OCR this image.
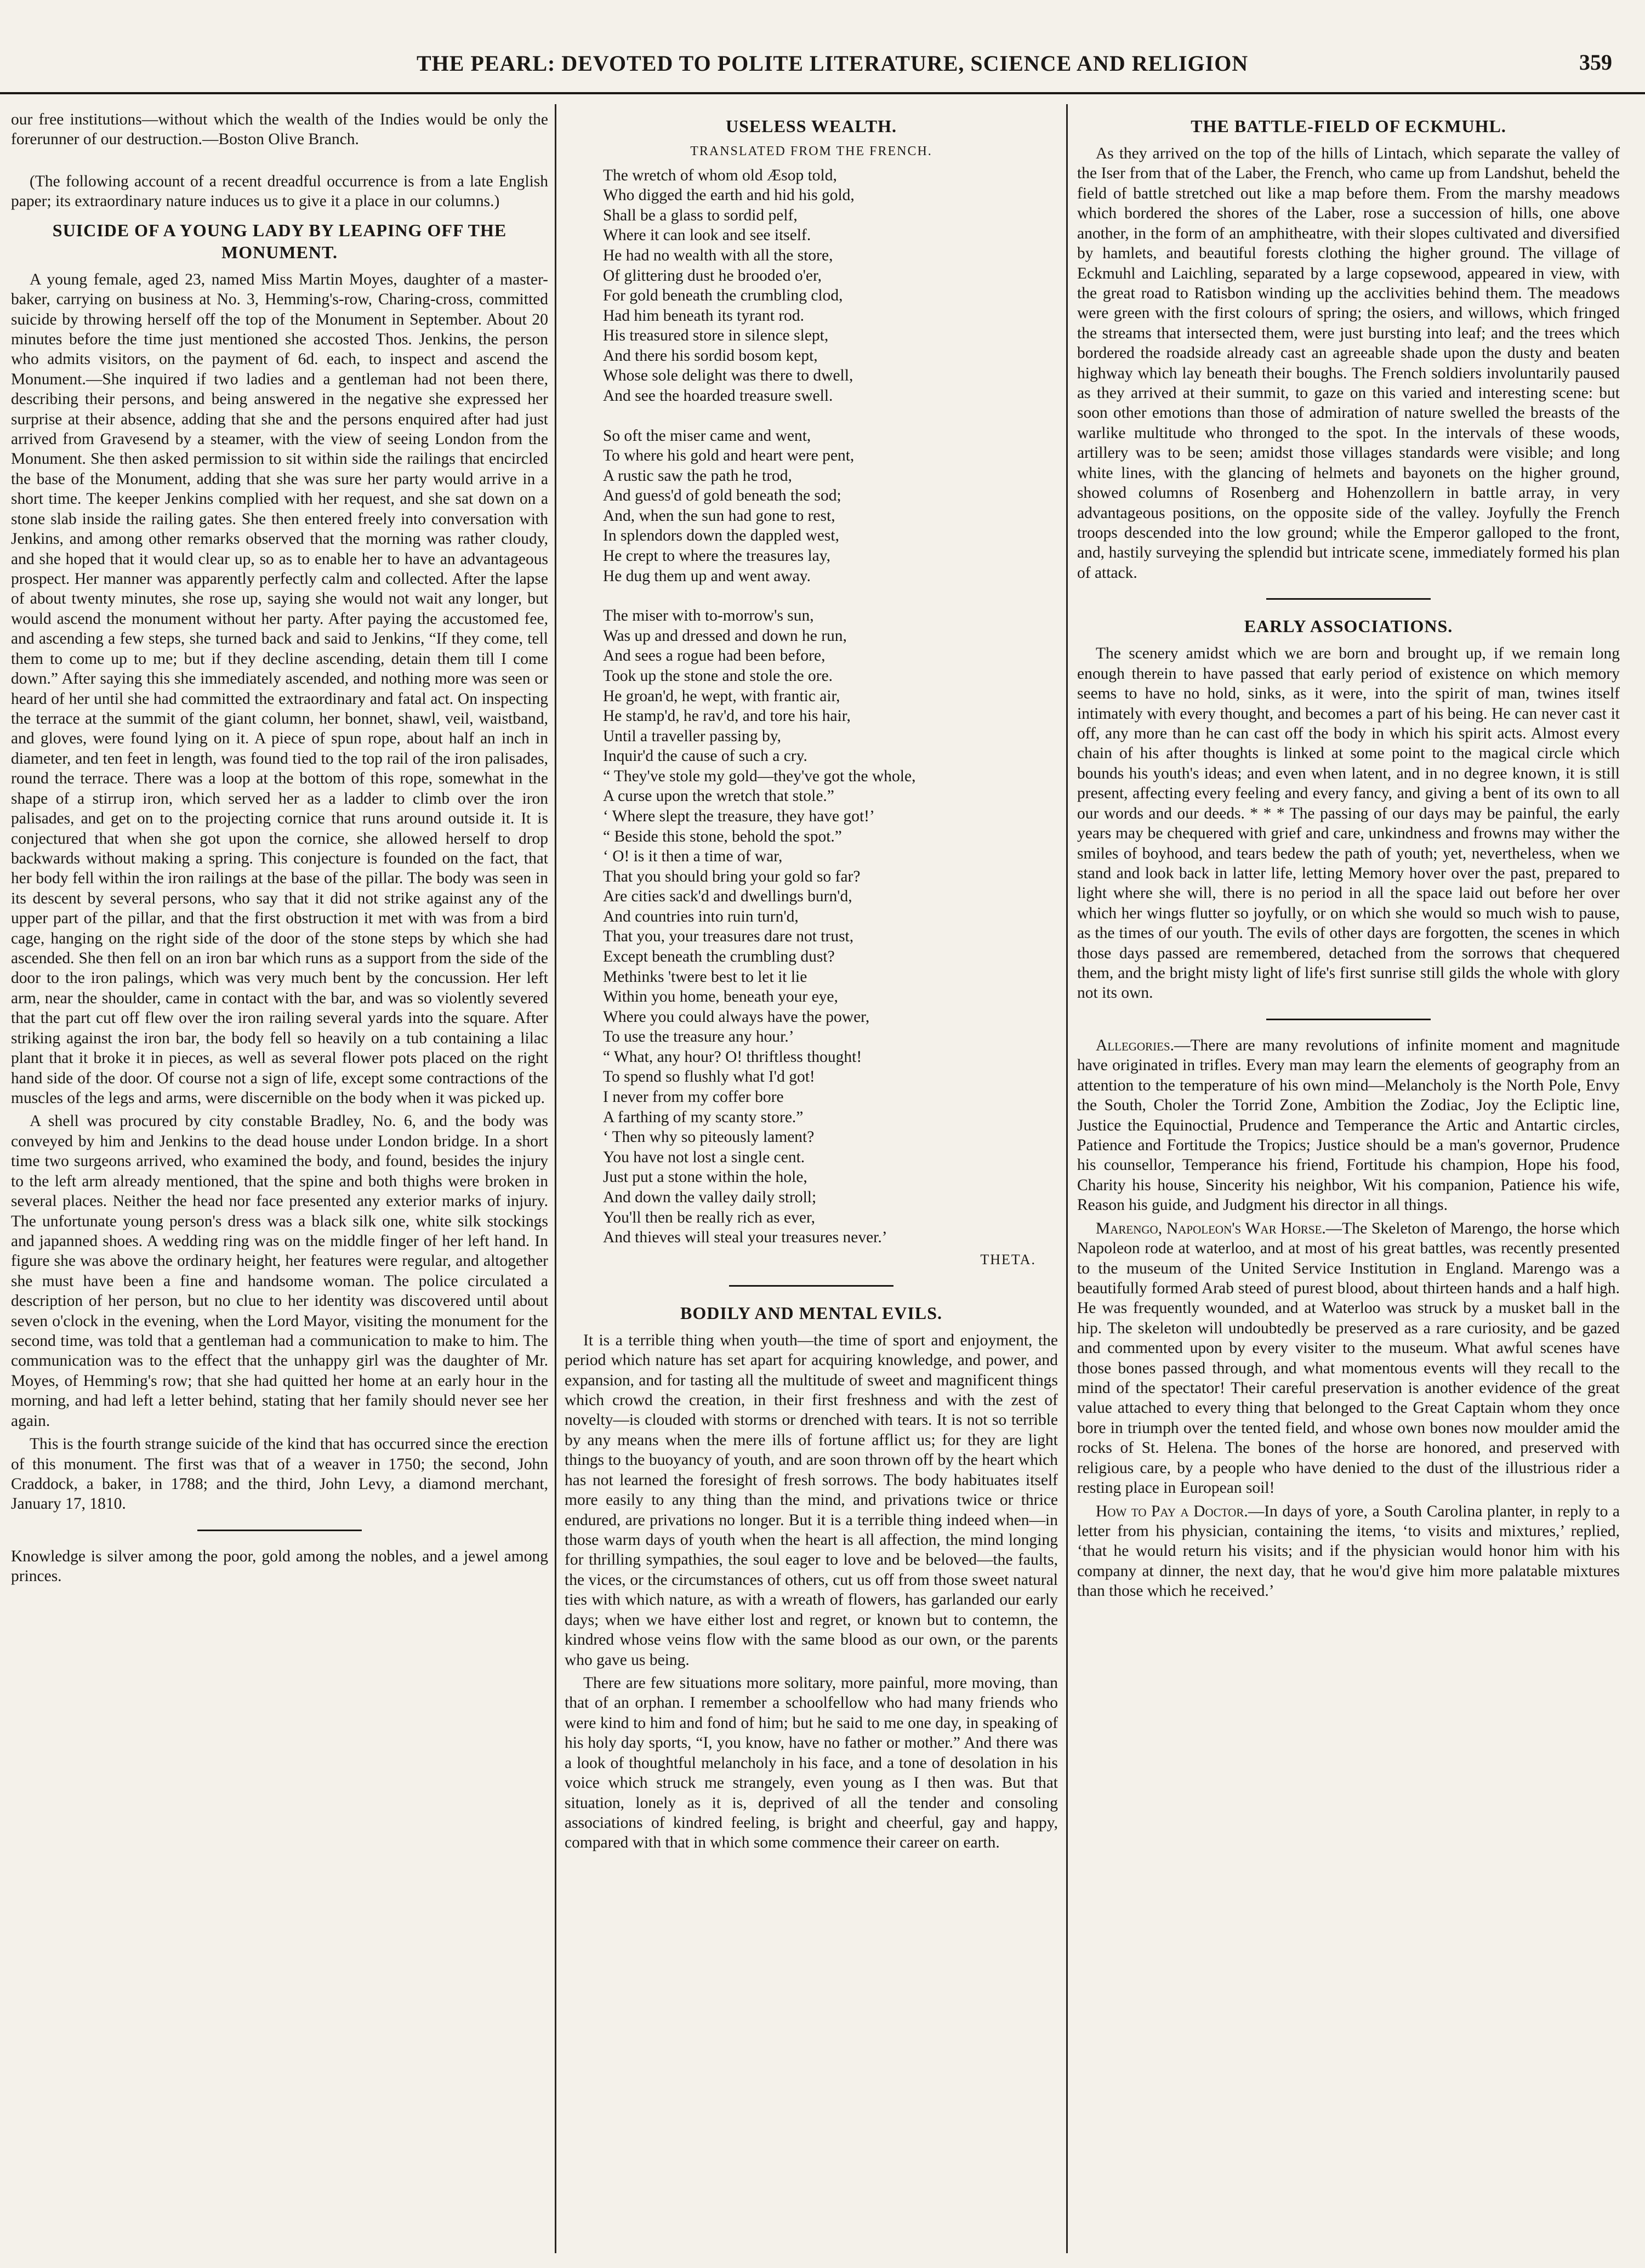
THE PEARL: DEVOTED TO POLITE LITERATURE, SCIENCE AND RELIGION	359

our free institutions—without which the wealth of the Indies would be only the forerunner of our destruction.—Boston Olive Branch.

(The following account of a recent dreadful occurrence is from a late English paper; its extraordinary nature induces us to give it a place in our columns.)

SUICIDE OF A YOUNG LADY BY LEAPING OFF THE MONUMENT.

A young female, aged 23, named Miss Martin Moyes, daughter of a master-baker, carrying on business at No. 3, Hemming's-row, Charing-cross, committed suicide by throwing herself off the top of the Monument in September. About 20 minutes before the time just mentioned she accosted Thos. Jenkins, the person who admits visitors, on the payment of 6d. each, to inspect and ascend the Monument.—She inquired if two ladies and a gentleman had not been there, describing their persons, and being answered in the negative she expressed her surprise at their absence, adding that she and the persons enquired after had just arrived from Gravesend by a steamer, with the view of seeing London from the Monument. She then asked permission to sit within side the railings that encircled the base of the Monument, adding that she was sure her party would arrive in a short time. The keeper Jenkins complied with her request, and she sat down on a stone slab inside the railing gates. She then entered freely into conversation with Jenkins, and among other remarks observed that the morning was rather cloudy, and she hoped that it would clear up, so as to enable her to have an advantageous prospect. Her manner was apparently perfectly calm and collected. After the lapse of about twenty minutes, she rose up, saying she would not wait any longer, but would ascend the monument without her party. After paying the accustomed fee, and ascending a few steps, she turned back and said to Jenkins, “If they come, tell them to come up to me; but if they decline ascending, detain them till I come down.” After saying this she immediately ascended, and nothing more was seen or heard of her until she had committed the extraordinary and fatal act. On inspecting the terrace at the summit of the giant column, her bonnet, shawl, veil, waistband, and gloves, were found lying on it. A piece of spun rope, about half an inch in diameter, and ten feet in length, was found tied to the top rail of the iron palisades, round the terrace. There was a loop at the bottom of this rope, somewhat in the shape of a stirrup iron, which served her as a ladder to climb over the iron palisades, and get on to the projecting cornice that runs around outside it. It is conjectured that when she got upon the cornice, she allowed herself to drop backwards without making a spring. This conjecture is founded on the fact, that her body fell within the iron railings at the base of the pillar. The body was seen in its descent by several persons, who say that it did not strike against any of the upper part of the pillar, and that the first obstruction it met with was from a bird cage, hanging on the right side of the door of the stone steps by which she had ascended. She then fell on an iron bar which runs as a support from the side of the door to the iron palings, which was very much bent by the concussion. Her left arm, near the shoulder, came in contact with the bar, and was so violently severed that the part cut off flew over the iron railing several yards into the square. After striking against the iron bar, the body fell so heavily on a tub containing a lilac plant that it broke it in pieces, as well as several flower pots placed on the right hand side of the door. Of course not a sign of life, except some contractions of the muscles of the legs and arms, were discernible on the body when it was picked up.

A shell was procured by city constable Bradley, No. 6, and the body was conveyed by him and Jenkins to the dead house under London bridge. In a short time two surgeons arrived, who examined the body, and found, besides the injury to the left arm already mentioned, that the spine and both thighs were broken in several places. Neither the head nor face presented any exterior marks of injury. The unfortunate young person's dress was a black silk one, white silk stockings and japanned shoes. A wedding ring was on the middle finger of her left hand. In figure she was above the ordinary height, her features were regular, and altogether she must have been a fine and handsome woman. The police circulated a description of her person, but no clue to her identity was discovered until about seven o'clock in the evening, when the Lord Mayor, visiting the monument for the second time, was told that a gentleman had a communication to make to him. The communication was to the effect that the unhappy girl was the daughter of Mr. Moyes, of Hemming's row; that she had quitted her home at an early hour in the morning, and had left a letter behind, stating that her family should never see her again.

This is the fourth strange suicide of the kind that has occurred since the erection of this monument. The first was that of a weaver in 1750; the second, John Craddock, a baker, in 1788; and the third, John Levy, a diamond merchant, January 17, 1810.

Knowledge is silver among the poor, gold among the nobles, and a jewel among princes.

USELESS WEALTH.
TRANSLATED FROM THE FRENCH.
The wretch of whom old Æsop told,
Who digged the earth and hid his gold,
Shall be a glass to sordid pelf,
Where it can look and see itself.
He had no wealth with all the store,
Of glittering dust he brooded o'er,
For gold beneath the crumbling clod,
Had him beneath its tyrant rod.
His treasured store in silence slept,
And there his sordid bosom kept,
Whose sole delight was there to dwell,
And see the hoarded treasure swell.
So oft the miser came and went,
To where his gold and heart were pent,
A rustic saw the path he trod,
And guess'd of gold beneath the sod;
And, when the sun had gone to rest,
In splendors down the dappled west,
He crept to where the treasures lay,
He dug them up and went away.
The miser with to-morrow's sun,
Was up and dressed and down he run,
And sees a rogue had been before,
Took up the stone and stole the ore.
He groan'd, he wept, with frantic air,
He stamp'd, he rav'd, and tore his hair,
Until a traveller passing by,
Inquir'd the cause of such a cry.
“ They've stole my gold—they've got the whole,
A curse upon the wretch that stole.”
‘ Where slept the treasure, they have got!’
“ Beside this stone, behold the spot.”
‘ O! is it then a time of war,
That you should bring your gold so far?
Are cities sack'd and dwellings burn'd,
And countries into ruin turn'd,
That you, your treasures dare not trust,
Except beneath the crumbling dust?
Methinks 'twere best to let it lie
Within you home, beneath your eye,
Where you could always have the power,
To use the treasure any hour.’
“ What, any hour? O! thriftless thought!
To spend so flushly what I'd got!
I never from my coffer bore
A farthing of my scanty store.”
‘ Then why so piteously lament?
You have not lost a single cent.
Just put a stone within the hole,
And down the valley daily stroll;
You'll then be really rich as ever,
And thieves will steal your treasures never.’
THETA.
BODILY AND MENTAL EVILS.

It is a terrible thing when youth—the time of sport and enjoyment, the period which nature has set apart for acquiring knowledge, and power, and expansion, and for tasting all the multitude of sweet and magnificent things which crowd the creation, in their first freshness and with the zest of novelty—is clouded with storms or drenched with tears. It is not so terrible by any means when the mere ills of fortune afflict us; for they are light things to the buoyancy of youth, and are soon thrown off by the heart which has not learned the foresight of fresh sorrows. The body habituates itself more easily to any thing than the mind, and privations twice or thrice endured, are privations no longer. But it is a terrible thing indeed when—in those warm days of youth when the heart is all affection, the mind longing for thrilling sympathies, the soul eager to love and be beloved—the faults, the vices, or the circumstances of others, cut us off from those sweet natural ties with which nature, as with a wreath of flowers, has garlanded our early days; when we have either lost and regret, or known but to contemn, the kindred whose veins flow with the same blood as our own, or the parents who gave us being.

There are few situations more solitary, more painful, more moving, than that of an orphan. I remember a schoolfellow who had many friends who were kind to him and fond of him; but he said to me one day, in speaking of his holy day sports, “I, you know, have no father or mother.” And there was a look of thoughtful melancholy in his face, and a tone of desolation in his voice which struck me strangely, even young as I then was. But that situation, lonely as it is, deprived of all the tender and consoling associations of kindred feeling, is bright and cheerful, gay and happy, compared with that in which some commence their career on earth.

THE BATTLE-FIELD OF ECKMUHL.

As they arrived on the top of the hills of Lintach, which separate the valley of the Iser from that of the Laber, the French, who came up from Landshut, beheld the field of battle stretched out like a map before them. From the marshy meadows which bordered the shores of the Laber, rose a succession of hills, one above another, in the form of an amphitheatre, with their slopes cultivated and diversified by hamlets, and beautiful forests clothing the higher ground. The village of Eckmuhl and Laichling, separated by a large copsewood, appeared in view, with the great road to Ratisbon winding up the acclivities behind them. The meadows were green with the first colours of spring; the osiers, and willows, which fringed the streams that intersected them, were just bursting into leaf; and the trees which bordered the roadside already cast an agreeable shade upon the dusty and beaten highway which lay beneath their boughs. The French soldiers involuntarily paused as they arrived at their summit, to gaze on this varied and interesting scene: but soon other emotions than those of admiration of nature swelled the breasts of the warlike multitude who thronged to the spot. In the intervals of these woods, artillery was to be seen; amidst those villages standards were visible; and long white lines, with the glancing of helmets and bayonets on the higher ground, showed columns of Rosenberg and Hohenzollern in battle array, in very advantageous positions, on the opposite side of the valley. Joyfully the French troops descended into the low ground; while the Emperor galloped to the front, and, hastily surveying the splendid but intricate scene, immediately formed his plan of attack.

EARLY ASSOCIATIONS.

The scenery amidst which we are born and brought up, if we remain long enough therein to have passed that early period of existence on which memory seems to have no hold, sinks, as it were, into the spirit of man, twines itself intimately with every thought, and becomes a part of his being. He can never cast it off, any more than he can cast off the body in which his spirit acts. Almost every chain of his after thoughts is linked at some point to the magical circle which bounds his youth's ideas; and even when latent, and in no degree known, it is still present, affecting every feeling and every fancy, and giving a bent of its own to all our words and our deeds. * * * The passing of our days may be painful, the early years may be chequered with grief and care, unkindness and frowns may wither the smiles of boyhood, and tears bedew the path of youth; yet, nevertheless, when we stand and look back in latter life, letting Memory hover over the past, prepared to light where she will, there is no period in all the space laid out before her over which her wings flutter so joyfully, or on which she would so much wish to pause, as the times of our youth. The evils of other days are forgotten, the scenes in which those days passed are remembered, detached from the sorrows that chequered them, and the bright misty light of life's first sunrise still gilds the whole with glory not its own.

Allegories.—There are many revolutions of infinite moment and magnitude have originated in trifles. Every man may learn the elements of geography from an attention to the temperature of his own mind—Melancholy is the North Pole, Envy the South, Choler the Torrid Zone, Ambition the Zodiac, Joy the Ecliptic line, Justice the Equinoctial, Prudence and Temperance the Artic and Antartic circles, Patience and Fortitude the Tropics; Justice should be a man's governor, Prudence his counsellor, Temperance his friend, Fortitude his champion, Hope his food, Charity his house, Sincerity his neighbor, Wit his companion, Patience his wife, Reason his guide, and Judgment his director in all things.

Marengo, Napoleon's War Horse.—The Skeleton of Marengo, the horse which Napoleon rode at waterloo, and at most of his great battles, was recently presented to the museum of the United Service Institution in England. Marengo was a beautifully formed Arab steed of purest blood, about thirteen hands and a half high. He was frequently wounded, and at Waterloo was struck by a musket ball in the hip. The skeleton will undoubtedly be preserved as a rare curiosity, and be gazed and commented upon by every visiter to the museum. What awful scenes have those bones passed through, and what momentous events will they recall to the mind of the spectator! Their careful preservation is another evidence of the great value attached to every thing that belonged to the Great Captain whom they once bore in triumph over the tented field, and whose own bones now moulder amid the rocks of St. Helena. The bones of the horse are honored, and preserved with religious care, by a people who have denied to the dust of the illustrious rider a resting place in European soil!

How to Pay a Doctor.—In days of yore, a South Carolina planter, in reply to a letter from his physician, containing the items, ‘to visits and mixtures,’ replied, ‘that he would return his visits; and if the physician would honor him with his company at dinner, the next day, that he wou'd give him more palatable mixtures than those which he received.’
